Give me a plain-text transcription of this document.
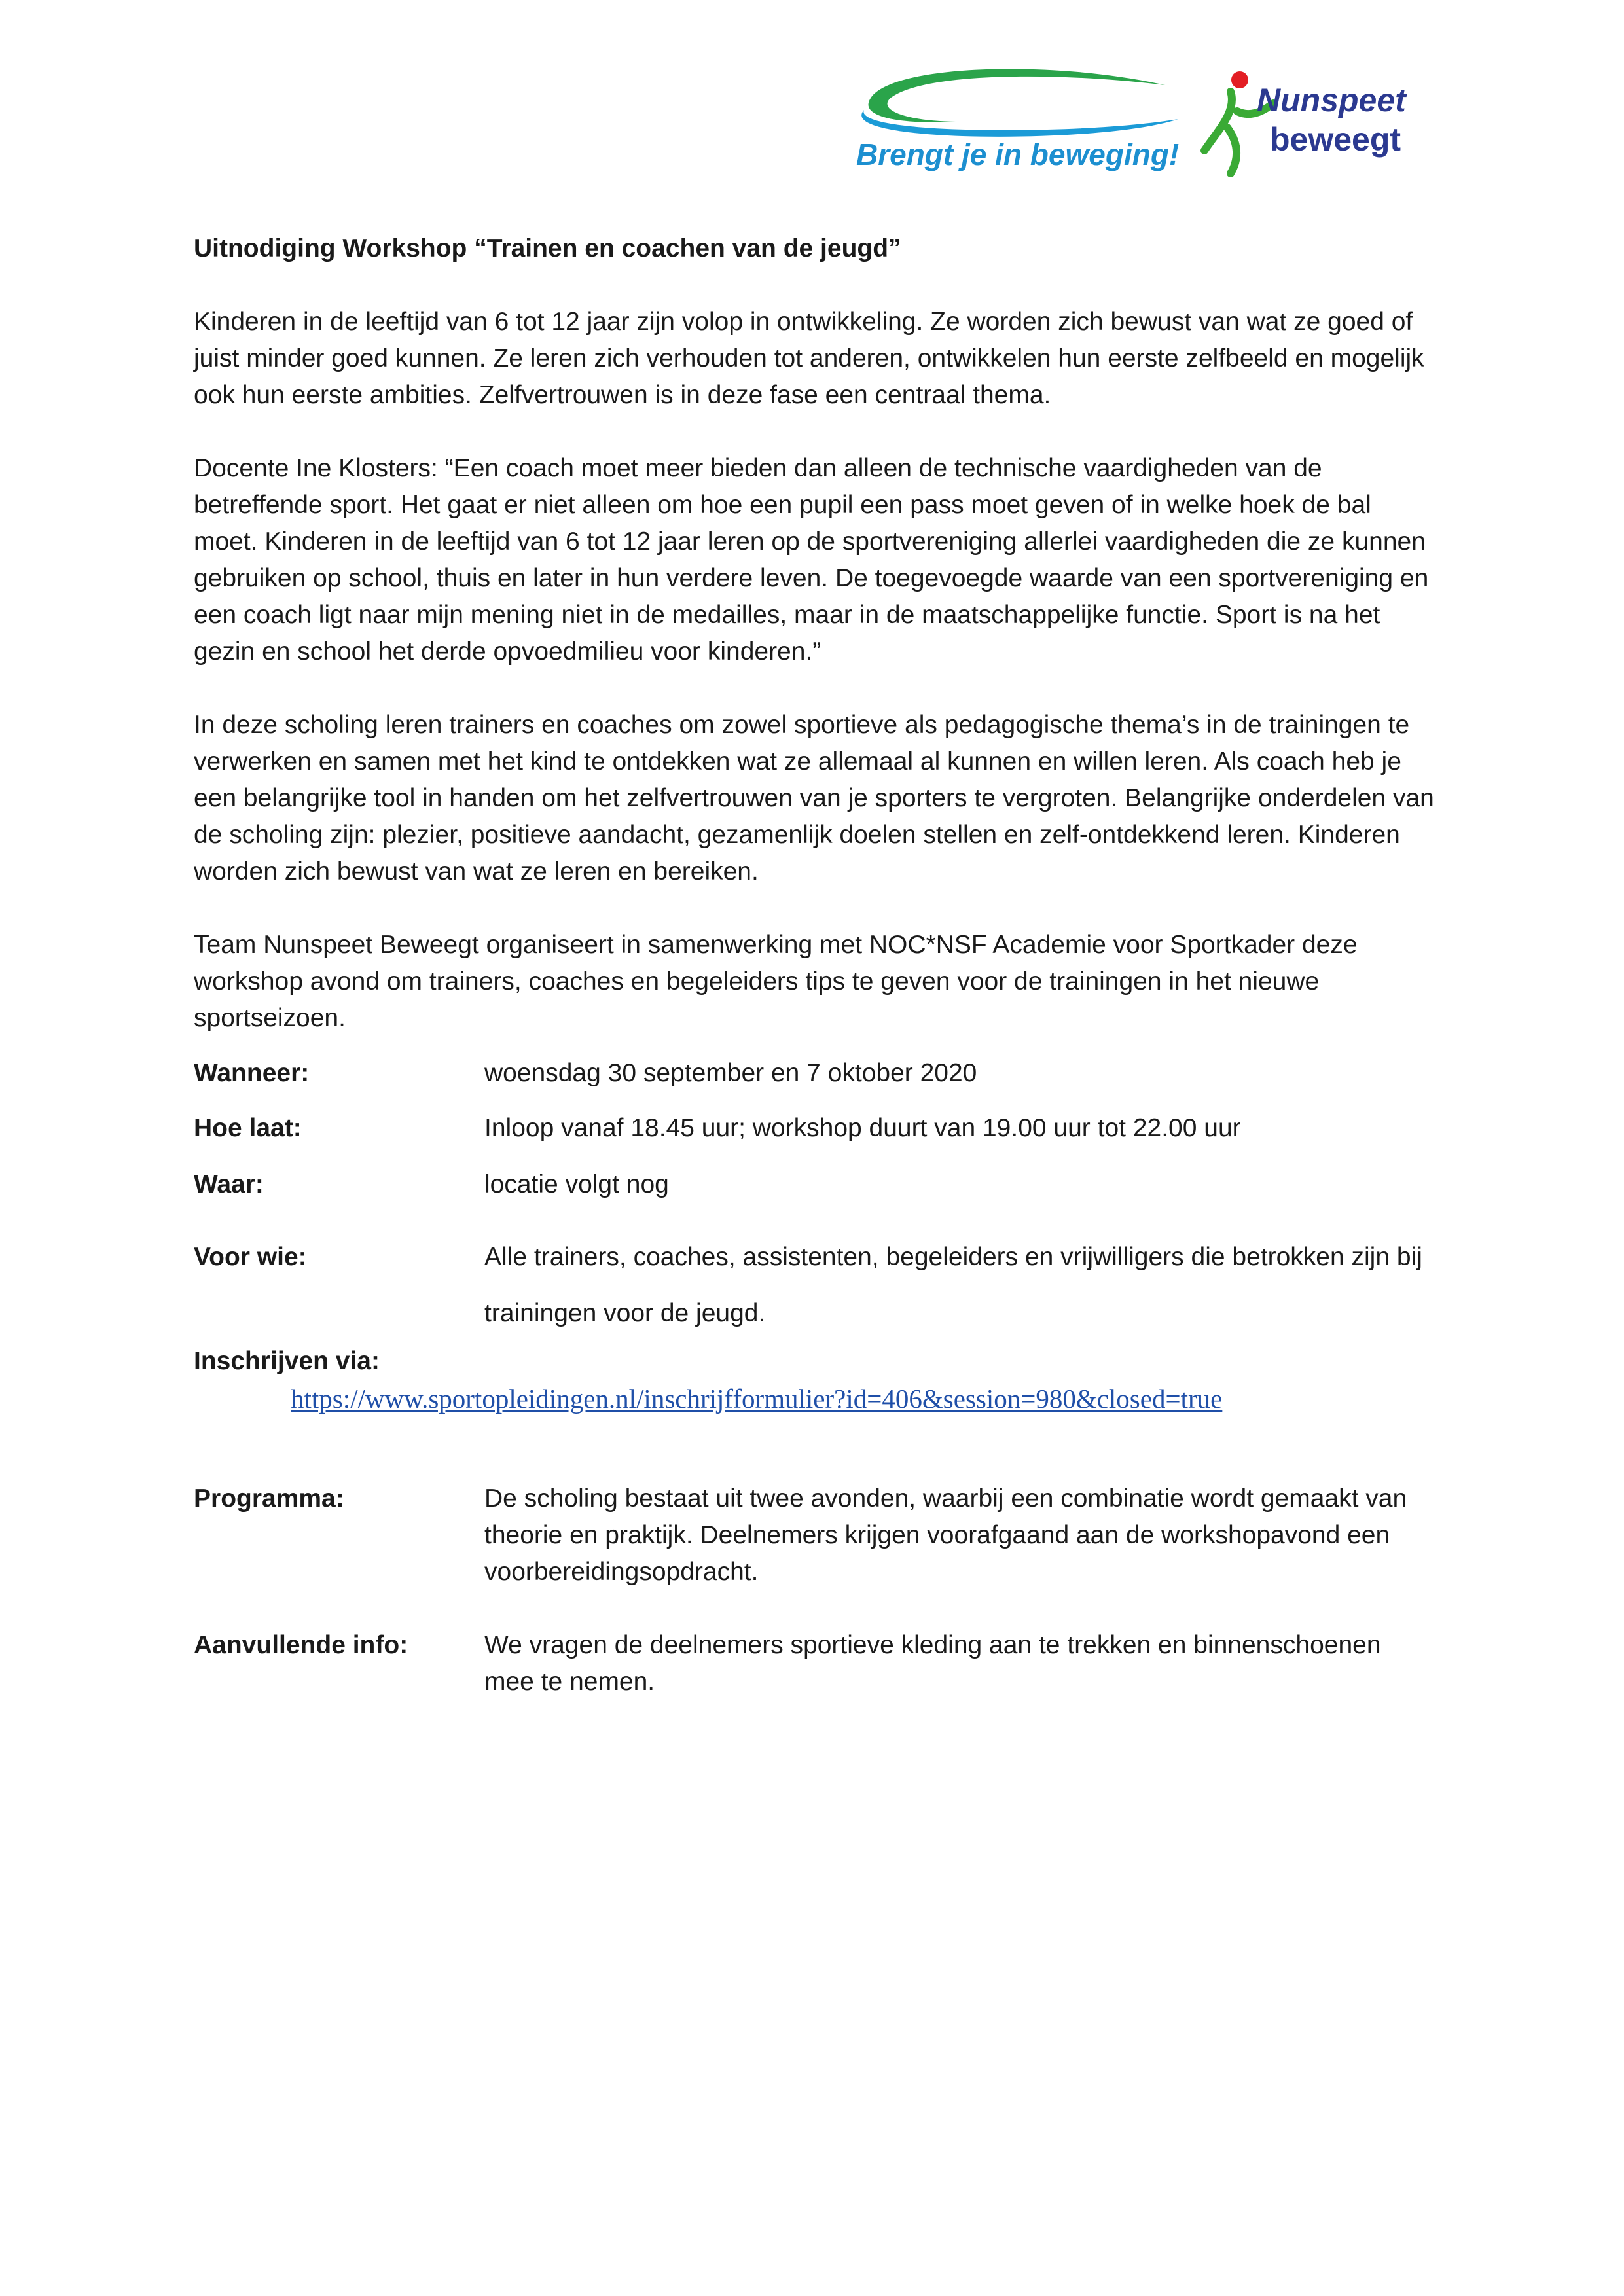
sportbedrijf nunspeet
Brengt je in beweging!
Nunspeet
beweegt
Uitnodiging Workshop “Trainen en coachen van de jeugd”

Kinderen in de leeftijd van 6 tot 12 jaar zijn volop in ontwikkeling. Ze worden zich bewust van wat ze goed of juist minder goed kunnen. Ze leren zich verhouden tot anderen, ontwikkelen hun eerste zelfbeeld en mogelijk ook hun eerste ambities. Zelfvertrouwen is in deze fase een centraal thema.

Docente Ine Klosters: “Een coach moet meer bieden dan alleen de technische vaardigheden van de betreffende sport. Het gaat er niet alleen om hoe een pupil een pass moet geven of in welke hoek de bal moet. Kinderen in de leeftijd van 6 tot 12 jaar leren op de sportvereniging allerlei vaardigheden die ze kunnen gebruiken op school, thuis en later in hun verdere leven. De toegevoegde waarde van een sportvereniging en een coach ligt naar mijn mening niet in de medailles, maar in de maatschappelijke functie. Sport is na het gezin en school het derde opvoedmilieu voor kinderen.”

In deze scholing leren trainers en coaches om zowel sportieve als pedagogische thema’s in de trainingen te verwerken en samen met het kind te ontdekken wat ze allemaal al kunnen en willen leren. Als coach heb je een belangrijke tool in handen om het zelfvertrouwen van je sporters te vergroten. Belangrijke onderdelen van de scholing zijn: plezier, positieve aandacht, gezamenlijk doelen stellen en zelf-ontdekkend leren. Kinderen worden zich bewust van wat ze leren en bereiken.

Team Nunspeet Beweegt organiseert in samenwerking met NOC*NSF Academie voor Sportkader deze workshop avond om trainers, coaches en begeleiders tips te geven voor de trainingen in het nieuwe sportseizoen.

Wanneer:	woensdag 30 september en 7 oktober 2020
Hoe laat:	Inloop vanaf 18.45 uur; workshop duurt van 19.00 uur tot 22.00 uur
Waar:	locatie volgt nog
Voor wie:	Alle trainers, coaches, assistenten, begeleiders en vrijwilligers die betrokken zijn bij trainingen voor de jeugd.
Inschrijven via:
https://www.sportopleidingen.nl/inschrijfformulier?id=406&session=980&closed=true
Programma:	De scholing bestaat uit twee avonden, waarbij een combinatie wordt gemaakt van theorie en praktijk. Deelnemers krijgen voorafgaand aan de workshopavond een voorbereidingsopdracht.
Aanvullende info:	We vragen de deelnemers sportieve kleding aan te trekken en binnenschoenen mee te nemen.
